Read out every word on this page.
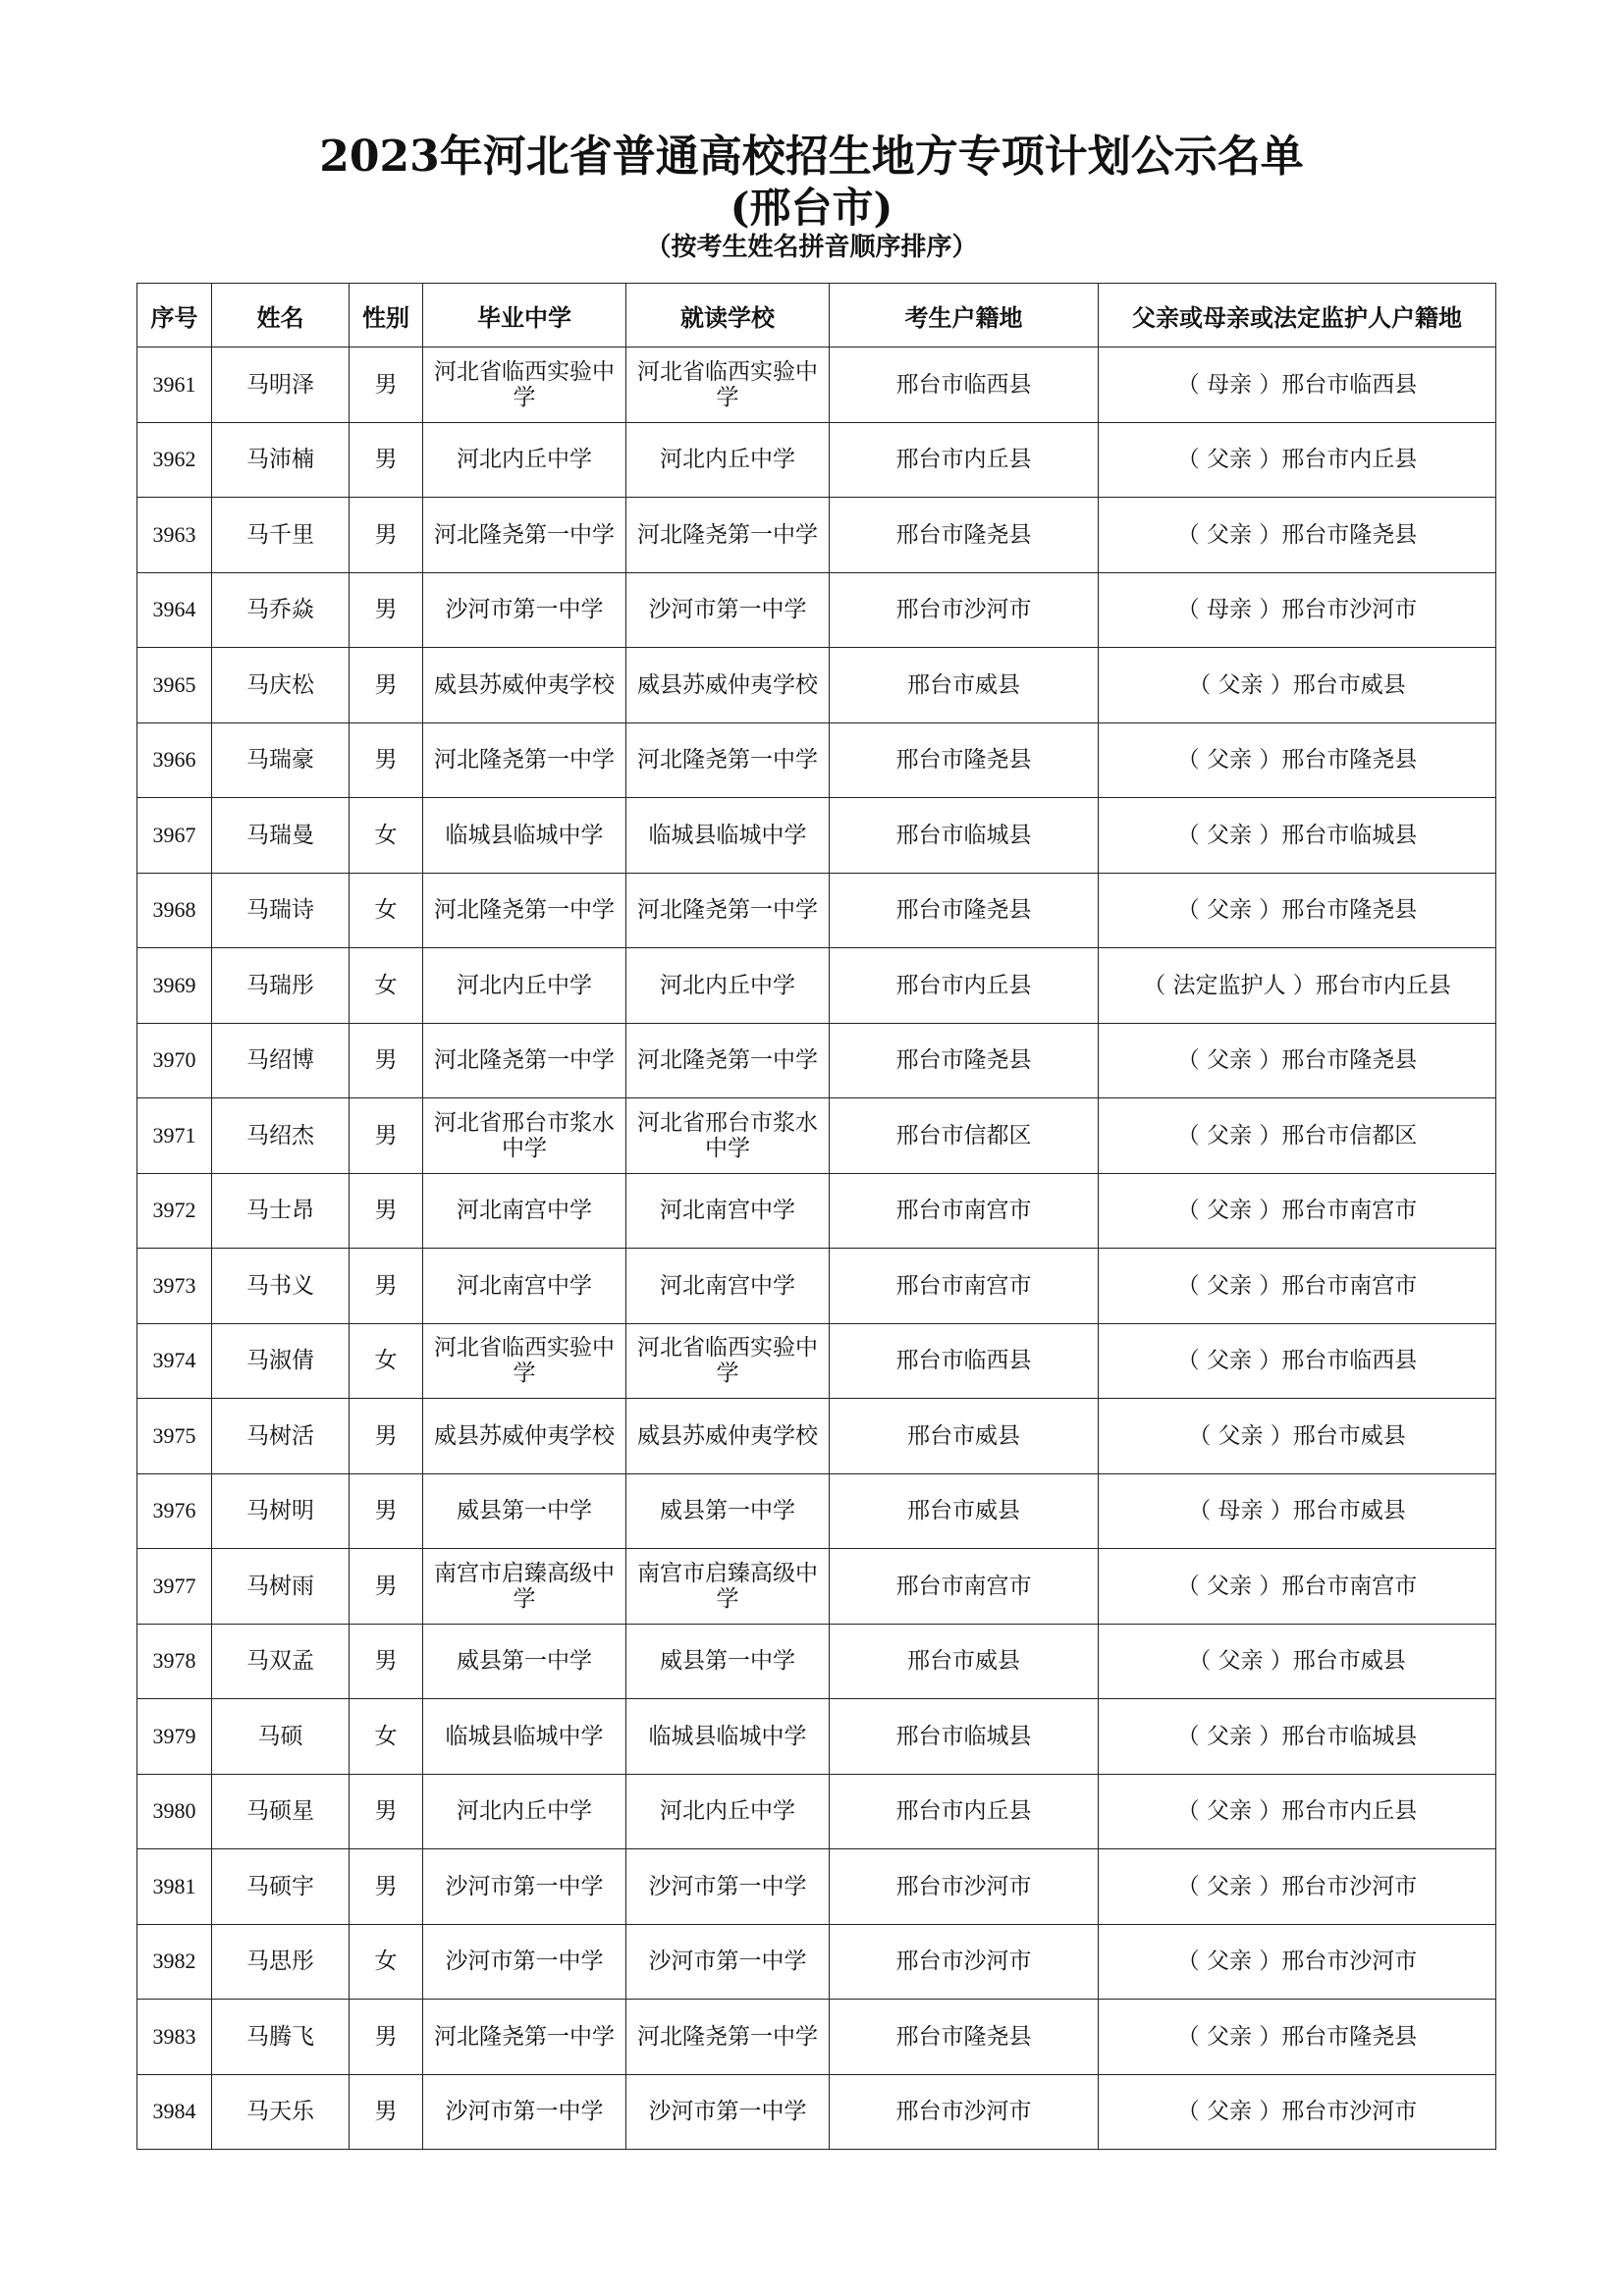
2023年河北省普通高校招生地方专项计划公示名单
(邢台市)
（按考生姓名拼音顺序排序）
序号	姓名	性别	毕业中学	就读学校	考生户籍地	父亲或母亲或法定监护人户籍地
3961	马明泽	男	河北省临西实验中学	河北省临西实验中学	邢台市临西县	（ 母亲 ）邢台市临西县
3962	马沛楠	男	河北内丘中学	河北内丘中学	邢台市内丘县	（ 父亲 ）邢台市内丘县
3963	马千里	男	河北隆尧第一中学	河北隆尧第一中学	邢台市隆尧县	（ 父亲 ）邢台市隆尧县
3964	马乔焱	男	沙河市第一中学	沙河市第一中学	邢台市沙河市	（ 母亲 ）邢台市沙河市
3965	马庆松	男	威县苏威仲夷学校	威县苏威仲夷学校	邢台市威县	（ 父亲 ）邢台市威县
3966	马瑞豪	男	河北隆尧第一中学	河北隆尧第一中学	邢台市隆尧县	（ 父亲 ）邢台市隆尧县
3967	马瑞曼	女	临城县临城中学	临城县临城中学	邢台市临城县	（ 父亲 ）邢台市临城县
3968	马瑞诗	女	河北隆尧第一中学	河北隆尧第一中学	邢台市隆尧县	（ 父亲 ）邢台市隆尧县
3969	马瑞彤	女	河北内丘中学	河北内丘中学	邢台市内丘县	（ 法定监护人 ）邢台市内丘县
3970	马绍博	男	河北隆尧第一中学	河北隆尧第一中学	邢台市隆尧县	（ 父亲 ）邢台市隆尧县
3971	马绍杰	男	河北省邢台市浆水中学	河北省邢台市浆水中学	邢台市信都区	（ 父亲 ）邢台市信都区
3972	马士昂	男	河北南宫中学	河北南宫中学	邢台市南宫市	（ 父亲 ）邢台市南宫市
3973	马书义	男	河北南宫中学	河北南宫中学	邢台市南宫市	（ 父亲 ）邢台市南宫市
3974	马淑倩	女	河北省临西实验中学	河北省临西实验中学	邢台市临西县	（ 父亲 ）邢台市临西县
3975	马树活	男	威县苏威仲夷学校	威县苏威仲夷学校	邢台市威县	（ 父亲 ）邢台市威县
3976	马树明	男	威县第一中学	威县第一中学	邢台市威县	（ 母亲 ）邢台市威县
3977	马树雨	男	南宫市启臻高级中学	南宫市启臻高级中学	邢台市南宫市	（ 父亲 ）邢台市南宫市
3978	马双孟	男	威县第一中学	威县第一中学	邢台市威县	（ 父亲 ）邢台市威县
3979	马硕	女	临城县临城中学	临城县临城中学	邢台市临城县	（ 父亲 ）邢台市临城县
3980	马硕星	男	河北内丘中学	河北内丘中学	邢台市内丘县	（ 父亲 ）邢台市内丘县
3981	马硕宇	男	沙河市第一中学	沙河市第一中学	邢台市沙河市	（ 父亲 ）邢台市沙河市
3982	马思彤	女	沙河市第一中学	沙河市第一中学	邢台市沙河市	（ 父亲 ）邢台市沙河市
3983	马腾飞	男	河北隆尧第一中学	河北隆尧第一中学	邢台市隆尧县	（ 父亲 ）邢台市隆尧县
3984	马天乐	男	沙河市第一中学	沙河市第一中学	邢台市沙河市	（ 父亲 ）邢台市沙河市
